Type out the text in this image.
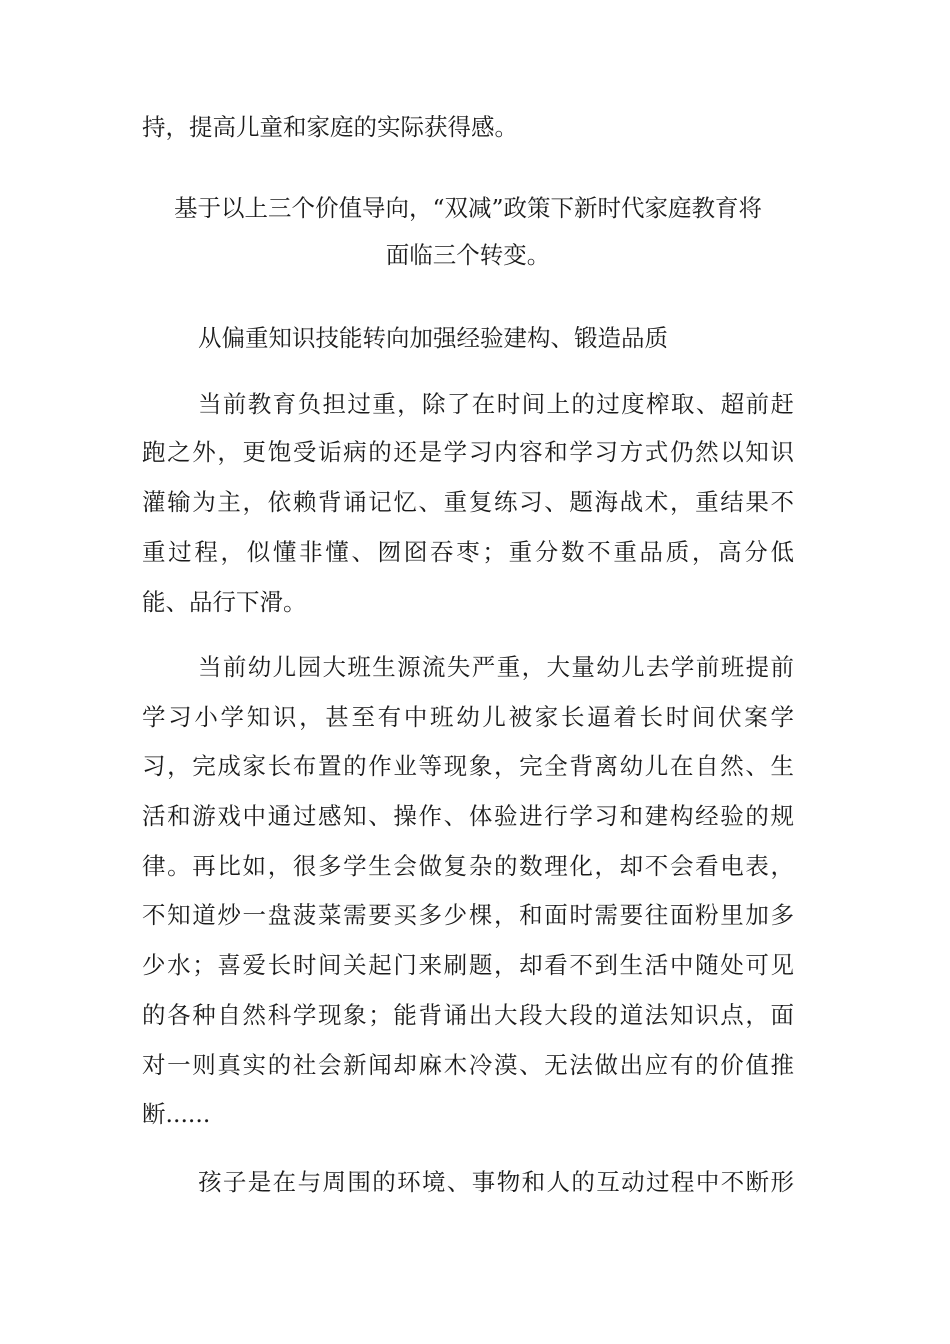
持，提高儿童和家庭的实际获得感。
基于以上三个价值导向，“双减”政策下新时代家庭教育将
面临三个转变。
从偏重知识技能转向加强经验建构、锻造品质
当前教育负担过重，除了在时间上的过度榨取、超前赶
跑之外，更饱受诟病的还是学习内容和学习方式仍然以知识
灌输为主，依赖背诵记忆、重复练习、题海战术，重结果不
重过程，似懂非懂、囫囵吞枣；重分数不重品质，高分低
能、品行下滑。
当前幼儿园大班生源流失严重，大量幼儿去学前班提前
学习小学知识，甚至有中班幼儿被家长逼着长时间伏案学
习，完成家长布置的作业等现象，完全背离幼儿在自然、生
活和游戏中通过感知、操作、体验进行学习和建构经验的规
律。再比如，很多学生会做复杂的数理化，却不会看电表，
不知道炒一盘菠菜需要买多少棵，和面时需要往面粉里加多
少水；喜爱长时间关起门来刷题，却看不到生活中随处可见
的各种自然科学现象；能背诵出大段大段的道法知识点，面
对一则真实的社会新闻却麻木冷漠、无法做出应有的价值推
断......
孩子是在与周围的环境、事物和人的互动过程中不断形
